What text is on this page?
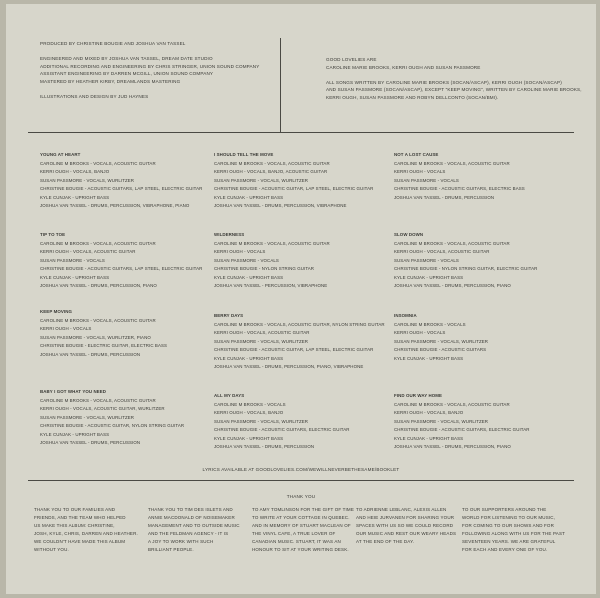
PRODUCED BY CHRISTINE BOUGIE AND JOSHUA VAN TASSEL
ENGINEERED AND MIXED BY JOSHUA VAN TASSEL, DREAM DATE STUDIO
ADDITIONAL RECORDING AND ENGINEERING BY CHRIS STRINGER, UNION SOUND COMPANY
ASSISTANT ENGINEERING BY DARREN MCGILL, UNION SOUND COMPANY
MASTERED BY HEATHER KIRBY, DREAMLANDS MASTERING
ILLUSTRATIONS AND DESIGN BY JUD HAYNES
GOOD LOVELIES ARE
CAROLINE MARIE BROOKS, KERRI OUGH AND SUSAN PASSMORE
ALL SONGS WRITTEN BY CAROLINE MARIE BROOKS (SOCAN/ASCAP), KERRI OUGH (SOCAN/ASCAP)
AND SUSAN PASSMORE (SOCAN/ASCAP), EXCEPT "KEEP MOVING", WRITTEN BY CAROLINE MARIE BROOKS,
KERRI OUGH, SUSAN PASSMORE AND ROBYN DELLCONTO (SOCAN/BMI).
YOUNG AT HEART
CAROLINE M BROOKS - VOCALS, ACOUSTIC GUITAR
KERRI OUGH - VOCALS, BANJO
SUSAN PASSMORE - VOCALS, WURLITZER
CHRISTINE BOUGIE - ACOUSTIC GUITARS, LAP STEEL, ELECTRIC GUITAR
KYLE CUNJAK - UPRIGHT BASS
JOSHUA VAN TASSEL - DRUMS, PERCUSSION, VIBRAPHONE, PIANO
I SHOULD TELL THE MOVE
CAROLINE M BROOKS - VOCALS, ACOUSTIC GUITAR
KERRI OUGH - VOCALS, BANJO, ACOUSTIC GUITAR
SUSAN PASSMORE - VOCALS, WURLITZER
CHRISTINE BOUGIE - ACOUSTIC GUITAR, LAP STEEL, ELECTRIC GUITAR
KYLE CUNJAK - UPRIGHT BASS
JOSHUA VAN TASSEL - DRUMS, PERCUSSION, VIBRAPHONE
NOT A LOST CAUSE
CAROLINE M BROOKS - VOCALS, ACOUSTIC GUITAR
KERRI OUGH - VOCALS
SUSAN PASSMORE - VOCALS
CHRISTINE BOUGIE - ACOUSTIC GUITARS, ELECTRIC BASS
JOSHUA VAN TASSEL - DRUMS, PERCUSSION
TIP TO TOE
CAROLINE M BROOKS - VOCALS, ACOUSTIC GUITAR
KERRI OUGH - VOCALS, ACOUSTIC GUITAR
SUSAN PASSMORE - VOCALS
CHRISTINE BOUGIE - ACOUSTIC GUITARS, LAP STEEL, ELECTRIC GUITAR
KYLE CUNJAK - UPRIGHT BASS
JOSHUA VAN TASSEL - DRUMS, PERCUSSION, PIANO
WILDERNESS
CAROLINE M BROOKS - VOCALS, ACOUSTIC GUITAR
KERRI OUGH - VOCALS
SUSAN PASSMORE - VOCALS
CHRISTINE BOUGIE - NYLON STRING GUITAR
KYLE CUNJAK - UPRIGHT BASS
JOSHUA VAN TASSEL - PERCUSSION, VIBRAPHONE
SLOW DOWN
CAROLINE M BROOKS - VOCALS, ACOUSTIC GUITAR
KERRI OUGH - VOCALS, ACOUSTIC GUITAR
SUSAN PASSMORE - VOCALS
CHRISTINE BOUGIE - NYLON STRING GUITAR, ELECTRIC GUITAR
KYLE CUNJAK - UPRIGHT BASS
JOSHUA VAN TASSEL - DRUMS, PERCUSSION, PIANO
KEEP MOVING
CAROLINE M BROOKS - VOCALS, ACOUSTIC GUITAR
KERRI OUGH - VOCALS
SUSAN PASSMORE - VOCALS, WURLITZER, PIANO
CHRISTINE BOUGIE - ELECTRIC GUITAR, ELECTRIC BASS
JOSHUA VAN TASSEL - DRUMS, PERCUSSION
BERRY DAYS
CAROLINE M BROOKS - VOCALS, ACOUSTIC GUITAR, NYLON STRING GUITAR
KERRI OUGH - VOCALS, ACOUSTIC GUITAR
SUSAN PASSMORE - VOCALS, WURLITZER
CHRISTINE BOUGIE - ACOUSTIC GUITAR, LAP STEEL, ELECTRIC GUITAR
KYLE CUNJAK - UPRIGHT BASS
JOSHUA VAN TASSEL - DRUMS, PERCUSSION, PIANO, VIBRAPHONE
INSOMNIA
CAROLINE M BROOKS - VOCALS
KERRI OUGH - VOCALS
SUSAN PASSMORE - VOCALS, WURLITZER
CHRISTINE BOUGIE - ACOUSTIC GUITARS
KYLE CUNJAK - UPRIGHT BASS
BABY I GOT WHAT YOU NEED
CAROLINE M BROOKS - VOCALS, ACOUSTIC GUITAR
KERRI OUGH - VOCALS, ACOUSTIC GUITAR, WURLITZER
SUSAN PASSMORE - VOCALS, WURLITZER
CHRISTINE BOUGIE - ACOUSTIC GUITAR, NYLON STRING GUITAR
KYLE CUNJAK - UPRIGHT BASS
JOSHUA VAN TASSEL - DRUMS, PERCUSSION
ALL MY DAYS
CAROLINE M BROOKS - VOCALS
KERRI OUGH - VOCALS, BANJO
SUSAN PASSMORE - VOCALS, WURLITZER
CHRISTINE BOUGIE - ACOUSTIC GUITARS, ELECTRIC GUITAR
KYLE CUNJAK - UPRIGHT BASS
JOSHUA VAN TASSEL - DRUMS, PERCUSSION
FIND OUR WAY HOME
CAROLINE M BROOKS - VOCALS, ACOUSTIC GUITAR
KERRI OUGH - VOCALS, BANJO
SUSAN PASSMORE - VOCALS, WURLITZER
CHRISTINE BOUGIE - ACOUSTIC GUITARS, ELECTRIC GUITAR
KYLE CUNJAK - UPRIGHT BASS
JOSHUA VAN TASSEL - DRUMS, PERCUSSION, PIANO
LYRICS AVAILABLE AT GOODLOVELIES.COM/WEWILLNEVERBETHESAME/BOOKLET
THANK YOU
THANK YOU TO OUR FAMILIES AND
FRIENDS, AND THE TEAM WHO HELPED
US MAKE THIS ALBUM: CHRISTINE,
JOSH, KYLE, CHRIS, DARREN AND HEATHER.
WE COULDN'T HAVE MADE THIS ALBUM
WITHOUT YOU.
THANK YOU TO TIM DES ISLETS AND
ANNIE MACDONALD OF NOISEMAKER
MANAGEMENT AND TO OUTSIDE MUSIC
AND THE FELDMAN AGENCY - IT IS
A JOY TO WORK WITH SUCH
BRILLIANT PEOPLE.
TO AMY TOMLINSON FOR THE GIFT OF TIME
TO WRITE AT YOUR COTTAGE IN QUEBEC.
AND IN MEMORY OF STUART MACLEAN OF
THE VINYL CAFE, A TRUE LOVER OF
CANADIAN MUSIC. STUART, IT WAS AN
HONOUR TO SIT AT YOUR WRITING DESK.
TO ADRIENNE LEBLANC, ALEXIS ALLEN
AND HEIE JURVANEN FOR SHARING YOUR
SPACES WITH US SO WE COULD RECORD
OUR MUSIC AND REST OUR WEARY HEADS
AT THE END OF THE DAY.
TO OUR SUPPORTERS AROUND THE
WORLD FOR LISTENING TO OUR MUSIC,
FOR COMING TO OUR SHOWS AND FOR
FOLLOWING ALONG WITH US FOR THE PAST
SEVENTEEN YEARS. WE ARE GRATEFUL
FOR EACH AND EVERY ONE OF YOU.
